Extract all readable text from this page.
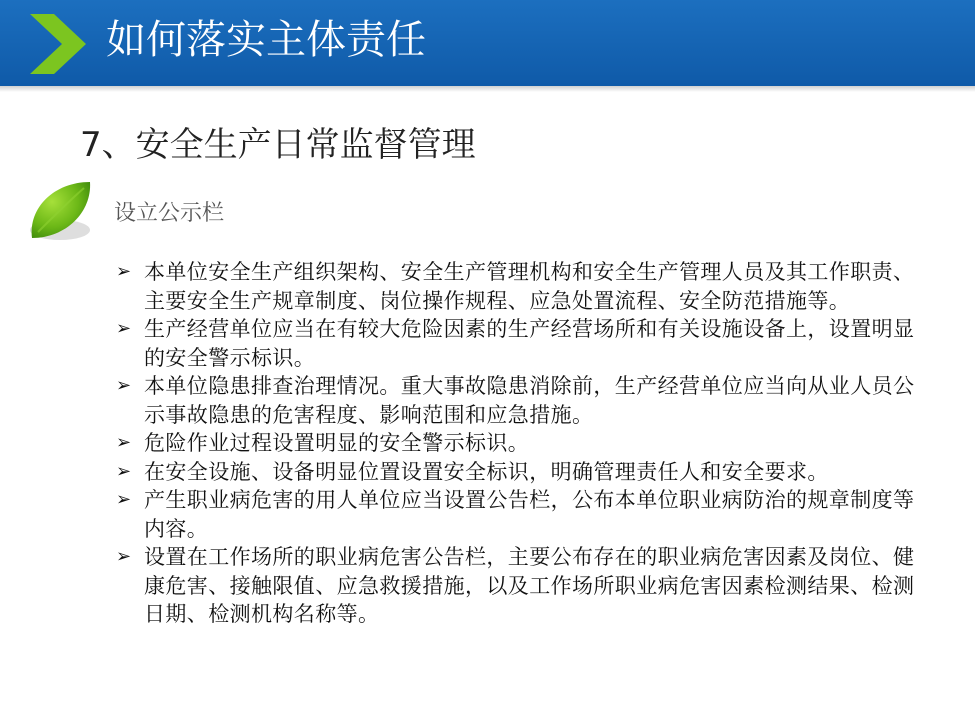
如何落实主体责任
7、安全生产日常监督管理
设立公示栏
➢ 本单位安全生产组织架构、安全生产管理机构和安全生产管理人员及其工作职责、主要安全生产规章制度、岗位操作规程、应急处置流程、安全防范措施等。
➢ 生产经营单位应当在有较大危险因素的生产经营场所和有关设施设备上，设置明显的安全警示标识。
➢ 本单位隐患排查治理情况。重大事故隐患消除前，生产经营单位应当向从业人员公示事故隐患的危害程度、影响范围和应急措施。
➢ 危险作业过程设置明显的安全警示标识。
➢ 在安全设施、设备明显位置设置安全标识，明确管理责任人和安全要求。
➢ 产生职业病危害的用人单位应当设置公告栏，公布本单位职业病防治的规章制度等内容。
➢ 设置在工作场所的职业病危害公告栏，主要公布存在的职业病危害因素及岗位、健康危害、接触限值、应急救援措施，以及工作场所职业病危害因素检测结果、检测日期、检测机构名称等。
